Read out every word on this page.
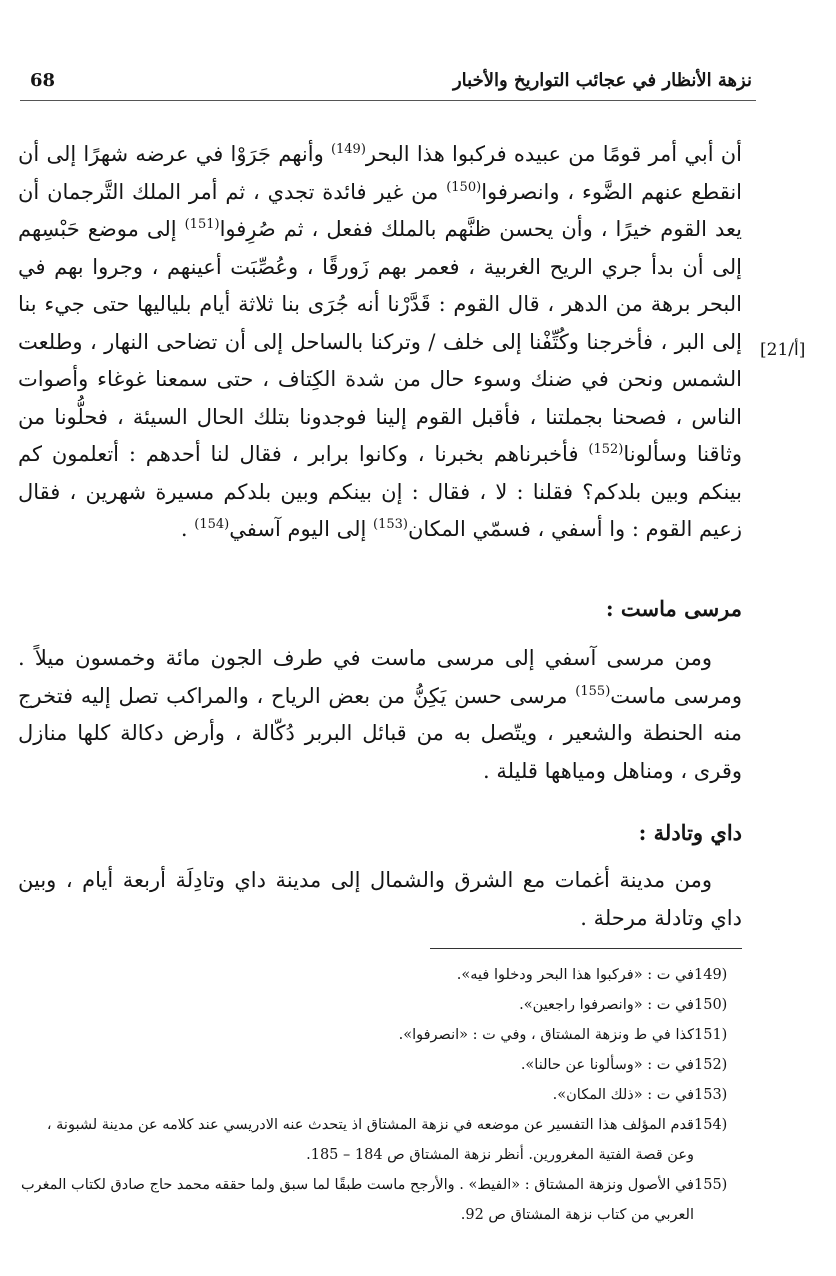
نزهة الأنظار في عجائب التواريخ والأخبار
68
[21/أ]

أن أبي أمر قومًا من عبيده فركبوا هذا البحر$^{(149)}$ وأنهم جَرَوْا في عرضه شهرًا إلى أن انقطع عنهم الضَّوء ، وانصرفوا$^{(150)}$ من غير فائدة تجدي ، ثم أمر الملك التَّرجمان أن يعد القوم خيرًا ، وأن يحسن ظنَّهم بالملك ففعل ، ثم صُرِفوا$^{(151)}$ إلى موضع حَبْسِهم إلى أن بدأ جري الريح الغربية ، فعمر بهم زَورقًا ، وعُصِّبَت أعينهم ، وجروا بهم في البحر برهة من الدهر ، قال القوم : قَدَّرْنا أنه جُرَى بنا ثلاثة أيام بلياليها حتى جيء بنا إلى البر ، فأخرجنا وكُتِّفْنا إلى خلف / وتركنا بالساحل إلى أن تضاحى النهار ، وطلعت الشمس ونحن في ضنك وسوء حال من شدة الكِتاف ، حتى سمعنا غوغاء وأصوات الناس ، فصحنا بجملتنا ، فأقبل القوم إلينا فوجدونا بتلك الحال السيئة ، فحلُّونا من وثاقنا وسألونا$^{(152)}$ فأخبرناهم بخبرنا ، وكانوا برابر ، فقال لنا أحدهم : أتعلمون كم بينكم وبين بلدكم؟ فقلنا : لا ، فقال : إن بينكم وبين بلدكم مسيرة شهرين ، فقال زعيم القوم : وا أسفي ، فسمّي المكان$^{(153)}$ إلى اليوم آسفي$^{(154)}$ .

مرسى ماست :

ومن مرسى آسفي إلى مرسى ماست في طرف الجون مائة وخمسون ميلاً . ومرسى ماست$^{(155)}$ مرسى حسن يَكِنُّ من بعض الرياح ، والمراكب تصل إليه فتخرج منه الحنطة والشعير ، ويتّصل به من قبائل البربر دُكّالة ، وأرض دكالة كلها منازل وقرى ، ومناهل ومياهها قليلة .

داي وتادلة :

ومن مدينة أغمات مع الشرق والشمال إلى مدينة داي وتادِلَة أربعة أيام ، وبين داي وتادلة مرحلة .

149)
في ت : «فركبوا هذا البحر ودخلوا فيه».
150)
في ت : «وانصرفوا راجعين».
151)
كذا في ط ونزهة المشتاق ، وفي ت : «انصرفوا».
152)
في ت : «وسألونا عن حالنا».
153)
في ت : «ذلك المكان».
154)
قدم المؤلف هذا التفسير عن موضعه في نزهة المشتاق اذ يتحدث عنه الادريسي عند كلامه عن مدينة لشبونة ، وعن قصة الفتية المغرورين. أنظر نزهة المشتاق ص 184 – 185.
155)
في الأصول ونزهة المشتاق : «الفيط» . والأرجح ماست طبقًا لما سبق ولما حققه محمد حاج صادق لكتاب المغرب العربي من كتاب نزهة المشتاق ص 92.
